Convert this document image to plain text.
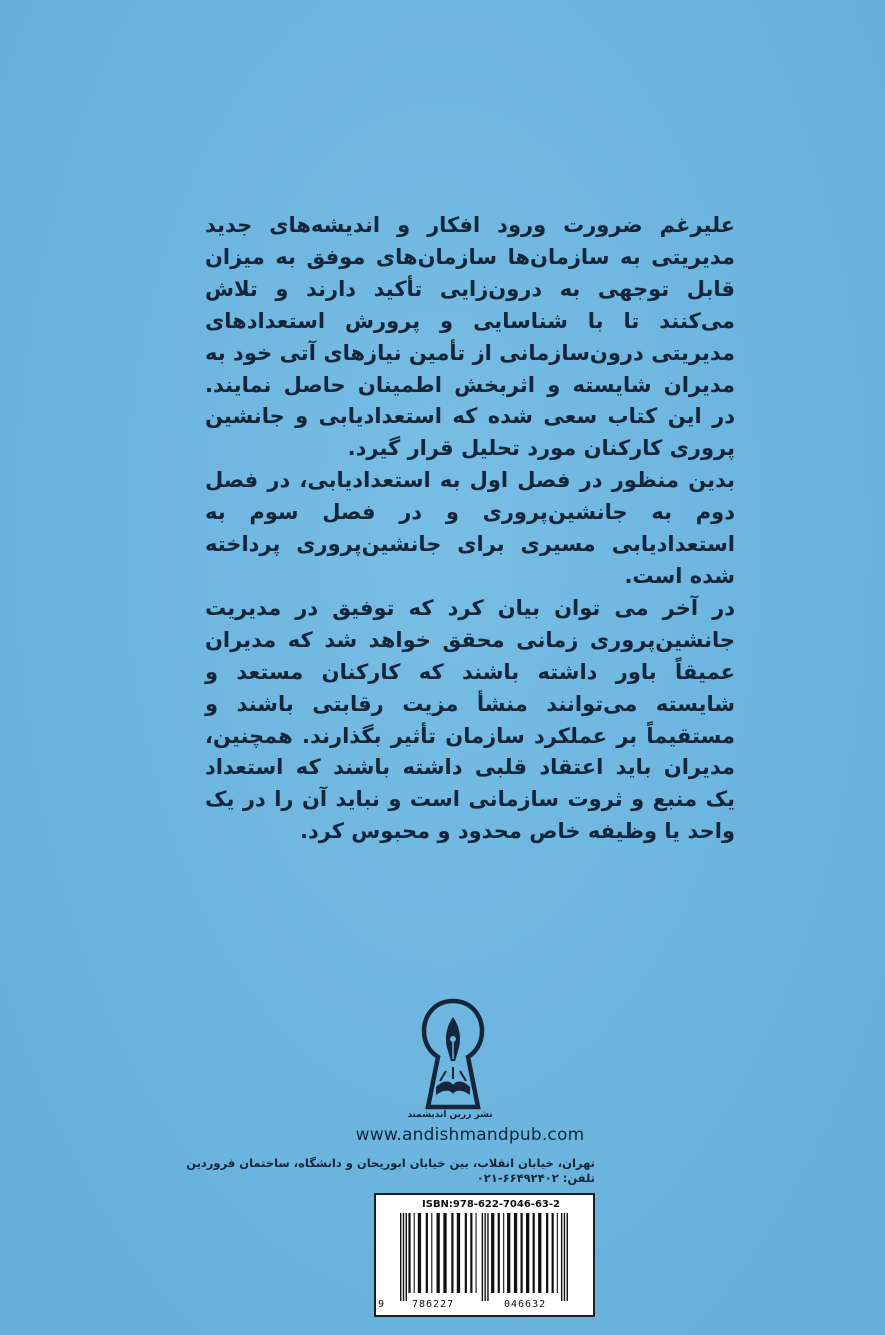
علیرغم ضرورت ورود افکار و اندیشه‌های جدید مدیریتی به سازمان‌ها سازمان‌های موفق به میزان قابل توجهی به درون‌زایی تأکید دارند و تلاش می‌کنند تا با شناسایی و پرورش استعدادهای مدیریتی درون‌سازمانی از تأمین نیازهای آتی خود به مدیران شایسته و اثربخش اطمینان حاصل نمایند. در این کتاب سعی شده که استعدادیابی و جانشین پروری کارکنان مورد تحلیل قرار گیرد.

بدین منظور در فصل اول به استعدادیابی، در فصل دوم به جانشین‌پروری و در فصل سوم به استعدادیابی مسیری برای جانشین‌پروری پرداخته شده است.

در آخر می توان بیان کرد که توفیق در مدیریت جانشین‌پروری زمانی محقق خواهد شد که مدیران عمیقاً باور داشته باشند که کارکنان مستعد و شایسته می‌توانند منشأ مزیت رقابتی باشند و مستقیماً بر عملکرد سازمان تأثیر بگذارند. همچنین، مدیران باید اعتقاد قلبی داشته باشند که استعداد یک منبع و ثروت سازمانی است و نباید آن را در یک واحد یا وظیفه خاص محدود و محبوس کرد.

نشر زرین اندیشمند
www.andishmandpub.com
تهران، خیابان انقلاب، بین خیابان ابوریحان و دانشگاه، ساختمان فروردین
تلفن: ۶۶۴۹۲۴۰۲-۰۲۱
ISBN:978-622-7046-63-2
9	786227	046632
